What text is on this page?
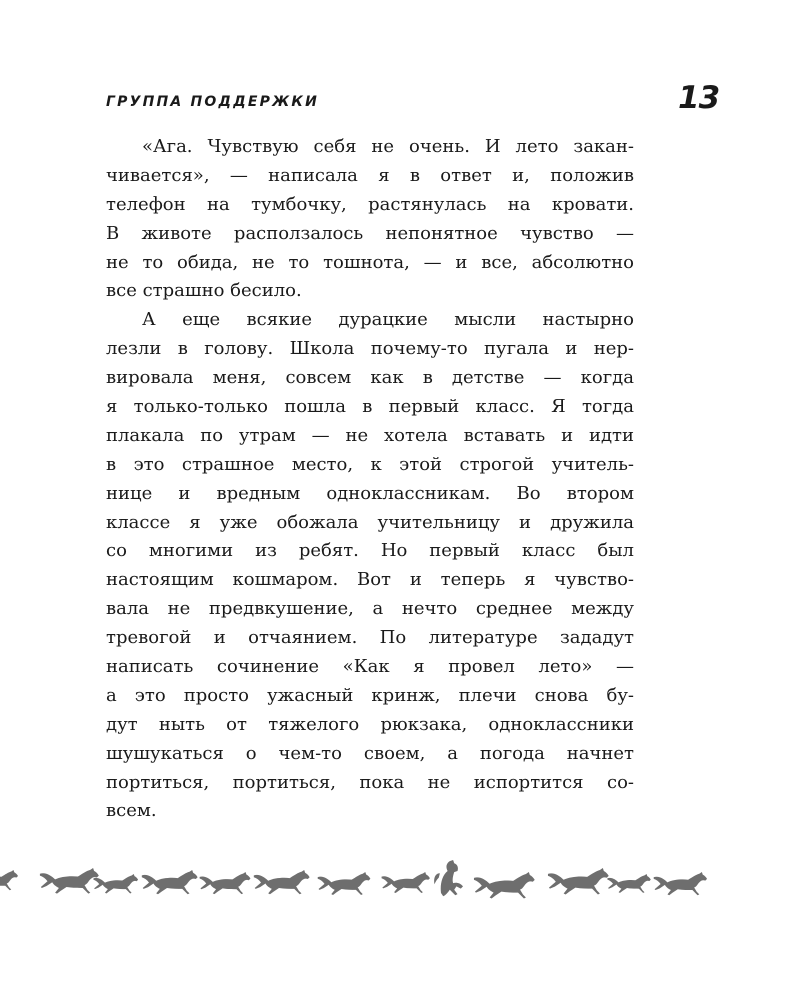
ГРУППА ПОДДЕРЖКИ	13
«Ага. Чувствую себя не очень. И лето закан-
чивается», — написала я в ответ и, положив
телефон на тумбочку, растянулась на кровати.
В животе расползалось непонятное чувство —
не то обида, не то тошнота, — и все, абсолютно
все страшно бесило.
А еще всякие дурацкие мысли настырно
лезли в голову. Школа почему-то пугала и нер-
вировала меня, совсем как в детстве — когда
я только-только пошла в первый класс. Я тогда
плакала по утрам — не хотела вставать и идти
в это страшное место, к этой строгой учитель-
нице и вредным одноклассникам. Во втором
классе я уже обожала учительницу и дружила
со многими из ребят. Но первый класс был
настоящим кошмаром. Вот и теперь я чувство-
вала не предвкушение, а нечто среднее между
тревогой и отчаянием. По литературе зададут
написать сочинение «Как я провел лето» —
а это просто ужасный кринж, плечи снова бу-
дут ныть от тяжелого рюкзака, одноклассники
шушукаться о чем-то своем, а погода начнет
портиться, портиться, пока не испортится со-
всем.
